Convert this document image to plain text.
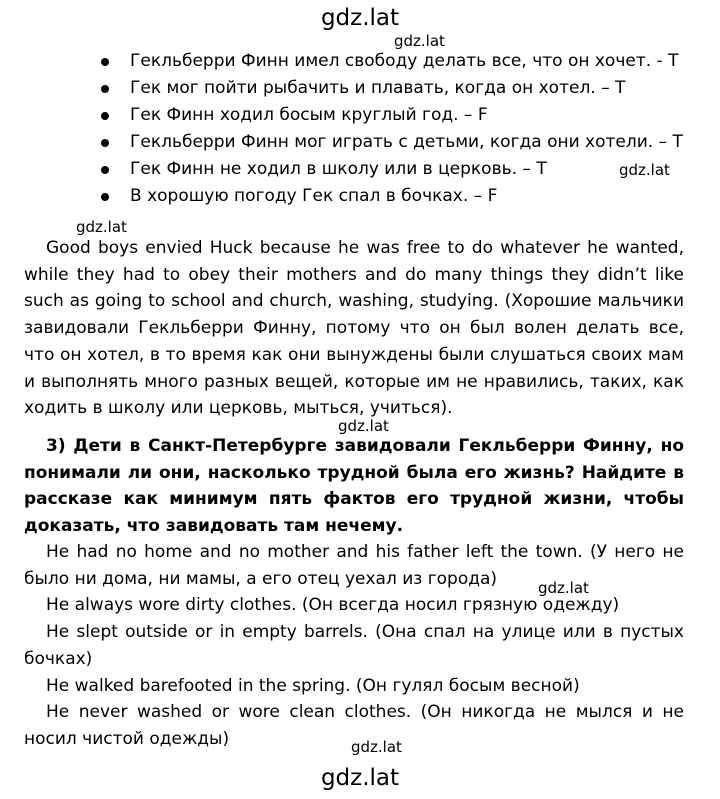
gdz.lat
gdz.lat
Гекльберри Финн имел свободу делать все, что он хочет. - T
Гек мог пойти рыбачить и плавать, когда он хотел. – T
Гек Финн ходил босым круглый год. – F
Гекльберри Финн мог играть с детьми, когда они хотели. – T
Гек Финн не ходил в школу или в церковь. – T
В хорошую погоду Гек спал в бочках. – F
gdz.lat
gdz.lat

Good boys envied Huck because he was free to do whatever he wanted, while they had to obey their mothers and do many things they didn’t like such as going to school and church, washing, studying. (Хорошие мальчики завидовали Гекльберри Финну, потому что он был волен делать все, что он хотел, в то время как они вынуждены были слушаться своих мам и выполнять много разных вещей, которые им не нравились, таких, как ходить в школу или церковь, мыться, учиться).

gdz.lat

3) Дети в Санкт-Петербурге завидовали Гекльберри Финну, но понимали ли они, насколько трудной была его жизнь? Найдите в рассказе как минимум пять фактов его трудной жизни, чтобы доказать, что завидовать там нечему.

He had no home and no mother and his father left the town. (У него не было ни дома, ни мамы, а его отец уехал из города)
He always wore dirty clothes. (Он всегда носил грязную одежду)
He slept outside or in empty barrels. (Она спал на улице или в пустых бочках)
He walked barefooted in the spring. (Он гулял босым весной)
He never washed or wore clean clothes. (Он никогда не мылся и не носил чистой одежды)
gdz.lat
gdz.lat
gdz.lat
